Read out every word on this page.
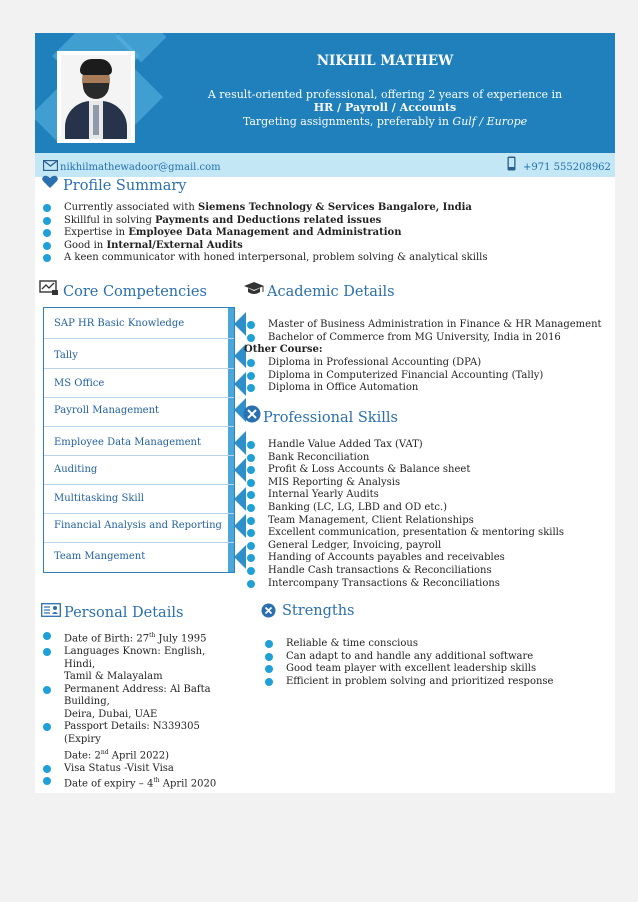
NIKHIL MATHEW
A result-oriented professional, offering 2 years of experience in
HR / Payroll / Accounts
Targeting assignments, preferably in Gulf / Europe
nikhilmathewadoor@gmail.com	+971 555208962
Profile Summary
Currently associated with Siemens Technology & Services Bangalore, India
Skillful in solving Payments and Deductions related issues
Expertise in Employee Data Management and Administration
Good in Internal/External Audits
A keen communicator with honed interpersonal, problem solving & analytical skills
Core Competencies
SAP HR Basic Knowledge
Tally
MS Office
Payroll Management
Employee Data Management
Auditing
Multitasking Skill
Financial Analysis and Reporting
Team Mangement
Academic Details
Master of Business Administration in Finance & HR Management
Bachelor of Commerce from MG University, India in 2016
Other Course:
Diploma in Professional Accounting (DPA)
Diploma in Computerized Financial Accounting (Tally)
Diploma in Office Automation
Professional Skills
Handle Value Added Tax (VAT)
Bank Reconciliation
Profit & Loss Accounts & Balance sheet
MIS Reporting & Analysis
Internal Yearly Audits
Banking (LC, LG, LBD and OD etc.)
Team Management, Client Relationships
Excellent communication, presentation & mentoring skills
General Ledger, Invoicing, payroll
Handing of Accounts payables and receivables
Handle Cash transactions & Reconciliations
Intercompany Transactions & Reconciliations
Personal Details
Date of Birth: 27th July 1995
Languages Known: English, Hindi,
Tamil & Malayalam
Permanent Address: Al Bafta Building,
Deira, Dubai, UAE
Passport Details: N339305 (Expiry
Date: 2nd April 2022)
Visa Status -Visit Visa
Date of expiry – 4th April 2020
Strengths
Reliable & time conscious
Can adapt to and handle any additional software
Good team player with excellent leadership skills
Efficient in problem solving and prioritized response
